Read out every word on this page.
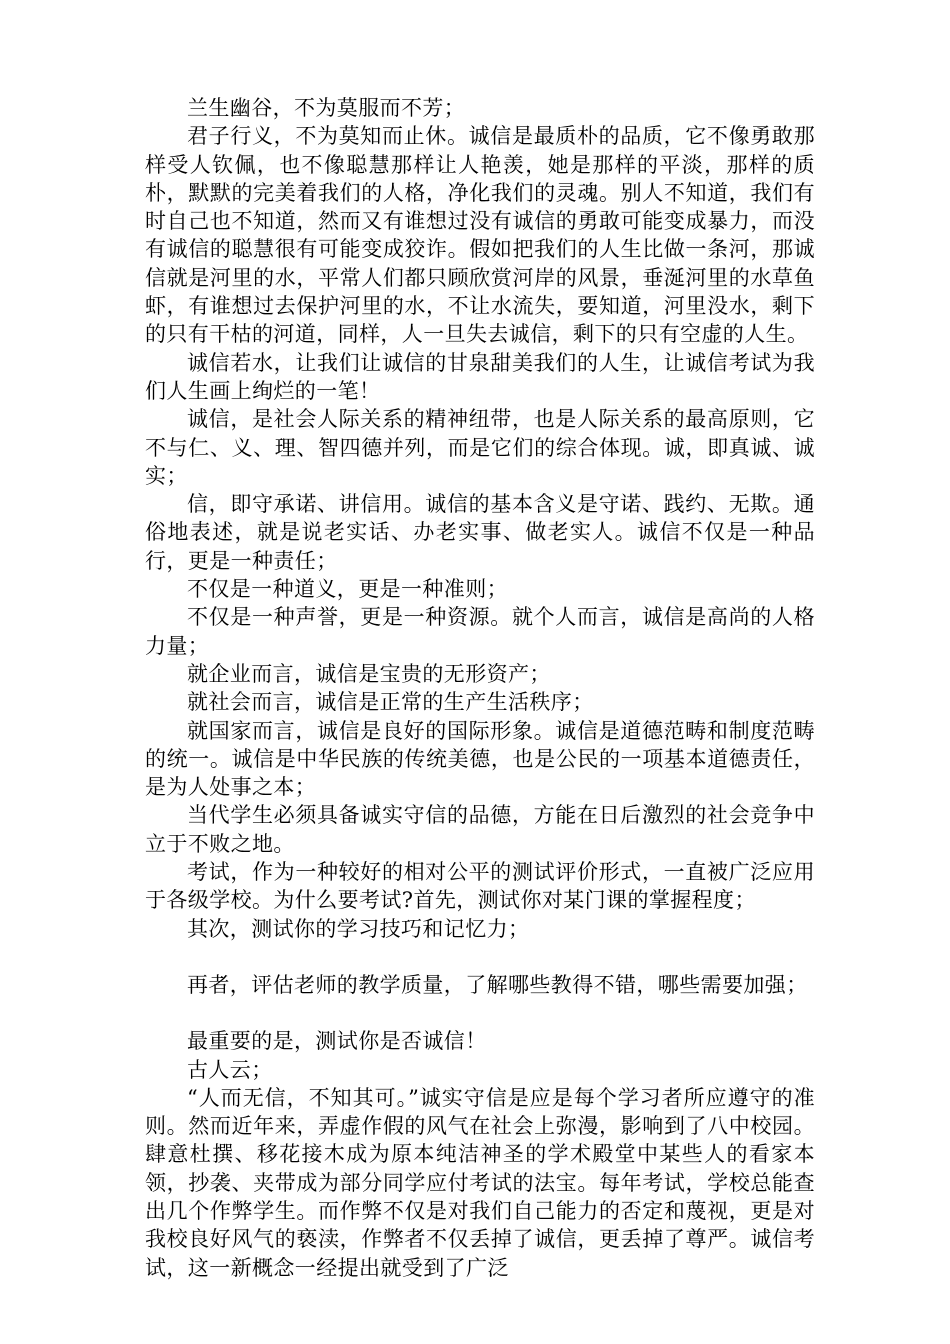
兰生幽谷，不为莫服而不芳；

君子行义，不为莫知而止休。诚信是最质朴的品质，它不像勇敢那样受人钦佩，也不像聪慧那样让人艳羡，她是那样的平淡，那样的质朴，默默的完美着我们的人格，净化我们的灵魂。别人不知道，我们有时自己也不知道，然而又有谁想过没有诚信的勇敢可能变成暴力，而没有诚信的聪慧很有可能变成狡诈。假如把我们的人生比做一条河，那诚信就是河里的水，平常人们都只顾欣赏河岸的风景，垂涎河里的水草鱼虾，有谁想过去保护河里的水，不让水流失，要知道，河里没水，剩下的只有干枯的河道，同样，人一旦失去诚信，剩下的只有空虚的人生。

诚信若水，让我们让诚信的甘泉甜美我们的人生，让诚信考试为我们人生画上绚烂的一笔！

诚信，是社会人际关系的精神纽带，也是人际关系的最高原则，它不与仁、义、理、智四德并列，而是它们的综合体现。诚，即真诚、诚实；

信，即守承诺、讲信用。诚信的基本含义是守诺、践约、无欺。通俗地表述，就是说老实话、办老实事、做老实人。诚信不仅是一种品行，更是一种责任；

不仅是一种道义，更是一种准则；

不仅是一种声誉，更是一种资源。就个人而言，诚信是高尚的人格力量；

就企业而言，诚信是宝贵的无形资产；

就社会而言，诚信是正常的生产生活秩序；

就国家而言，诚信是良好的国际形象。诚信是道德范畴和制度范畴的统一。诚信是中华民族的传统美德，也是公民的一项基本道德责任，是为人处事之本；

当代学生必须具备诚实守信的品德，方能在日后激烈的社会竞争中立于不败之地。

考试，作为一种较好的相对公平的测试评价形式，一直被广泛应用于各级学校。为什么要考试?首先，测试你对某门课的掌握程度；

其次，测试你的学习技巧和记忆力；

再者，评估老师的教学质量，了解哪些教得不错，哪些需要加强；

最重要的是，测试你是否诚信！

古人云；

“人而无信，不知其可。”诚实守信是应是每个学习者所应遵守的准则。然而近年来，弄虚作假的风气在社会上弥漫，影响到了八中校园。肆意杜撰、移花接木成为原本纯洁神圣的学术殿堂中某些人的看家本领，抄袭、夹带成为部分同学应付考试的法宝。每年考试，学校总能查出几个作弊学生。而作弊不仅是对我们自己能力的否定和蔑视，更是对我校良好风气的亵渎，作弊者不仅丢掉了诚信，更丢掉了尊严。诚信考试，这一新概念一经提出就受到了广泛
